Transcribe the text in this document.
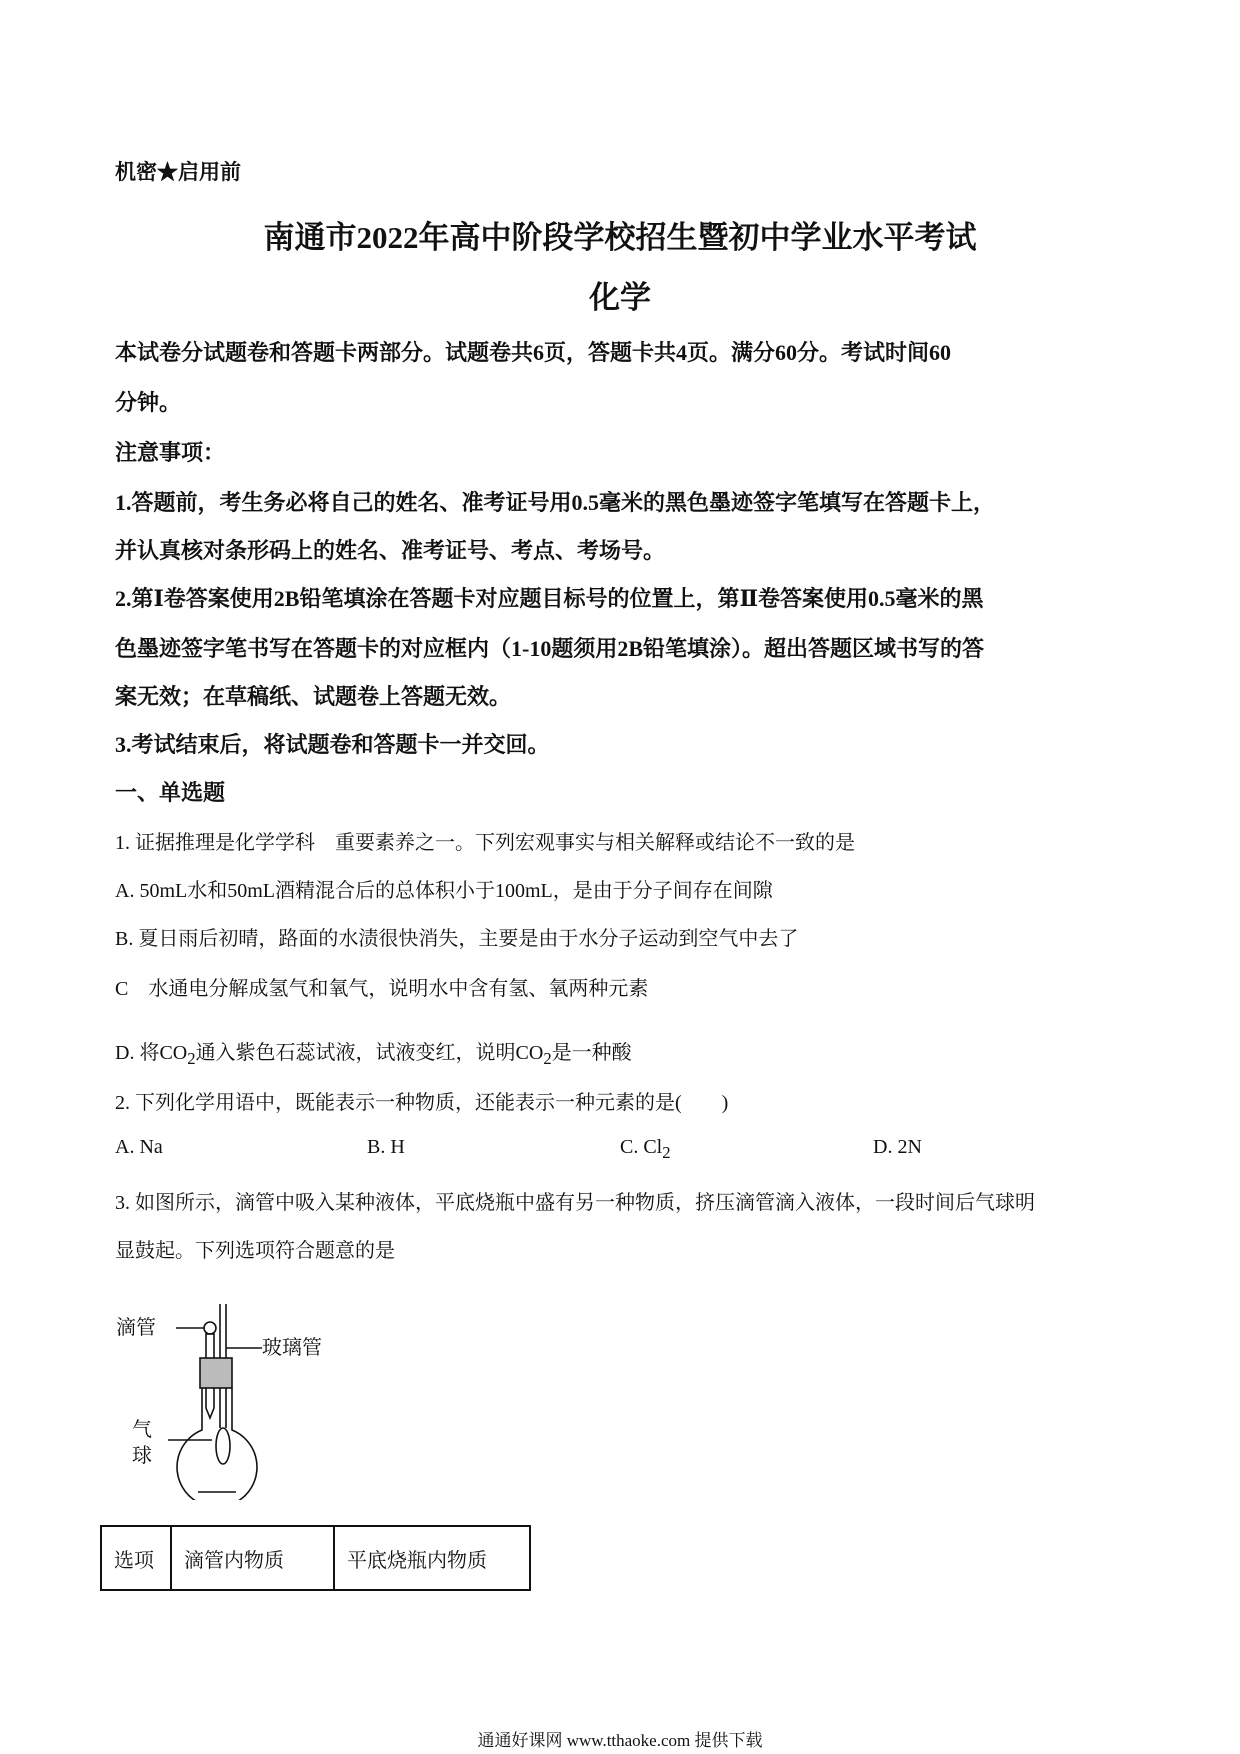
机密★启用前
南通市2022年高中阶段学校招生暨初中学业水平考试
化学
本试卷分试题卷和答题卡两部分。试题卷共6页，答题卡共4页。满分60分。考试时间60
分钟。
注意事项：
1.答题前，考生务必将自己的姓名、准考证号用0.5毫米的黑色墨迹签字笔填写在答题卡上，
并认真核对条形码上的姓名、准考证号、考点、考场号。
2.第Ⅰ卷答案使用2B铅笔填涂在答题卡对应题目标号的位置上，第Ⅱ卷答案使用0.5毫米的黑
色墨迹签字笔书写在答题卡的对应框内（1-10题须用2B铅笔填涂）。超出答题区域书写的答
案无效；在草稿纸、试题卷上答题无效。
3.考试结束后，将试题卷和答题卡一并交回。
一、单选题
1. 证据推理是化学学科　重要素养之一。下列宏观事实与相关解释或结论不一致的是
A. 50mL水和50mL酒精混合后的总体积小于100mL，是由于分子间存在间隙
B. 夏日雨后初晴，路面的水渍很快消失，主要是由于水分子运动到空气中去了
C　水通电分解成氢气和氧气，说明水中含有氢、氧两种元素
D. 将$CO_2$通入紫色石蕊试液，试液变红，说明$CO_2$是一种酸
2. 下列化学用语中，既能表示一种物质，还能表示一种元素的是(　　)
A. Na	B. H	C. $Cl_2$	D. 2N
3. 如图所示，滴管中吸入某种液体，平底烧瓶中盛有另一种物质，挤压滴管滴入液体，一段时间后气球明
显鼓起。下列选项符合题意的是
滴管
玻璃管
气
球
选项	滴管内物质	平底烧瓶内物质
通通好课网 www.tthaoke.com 提供下载
